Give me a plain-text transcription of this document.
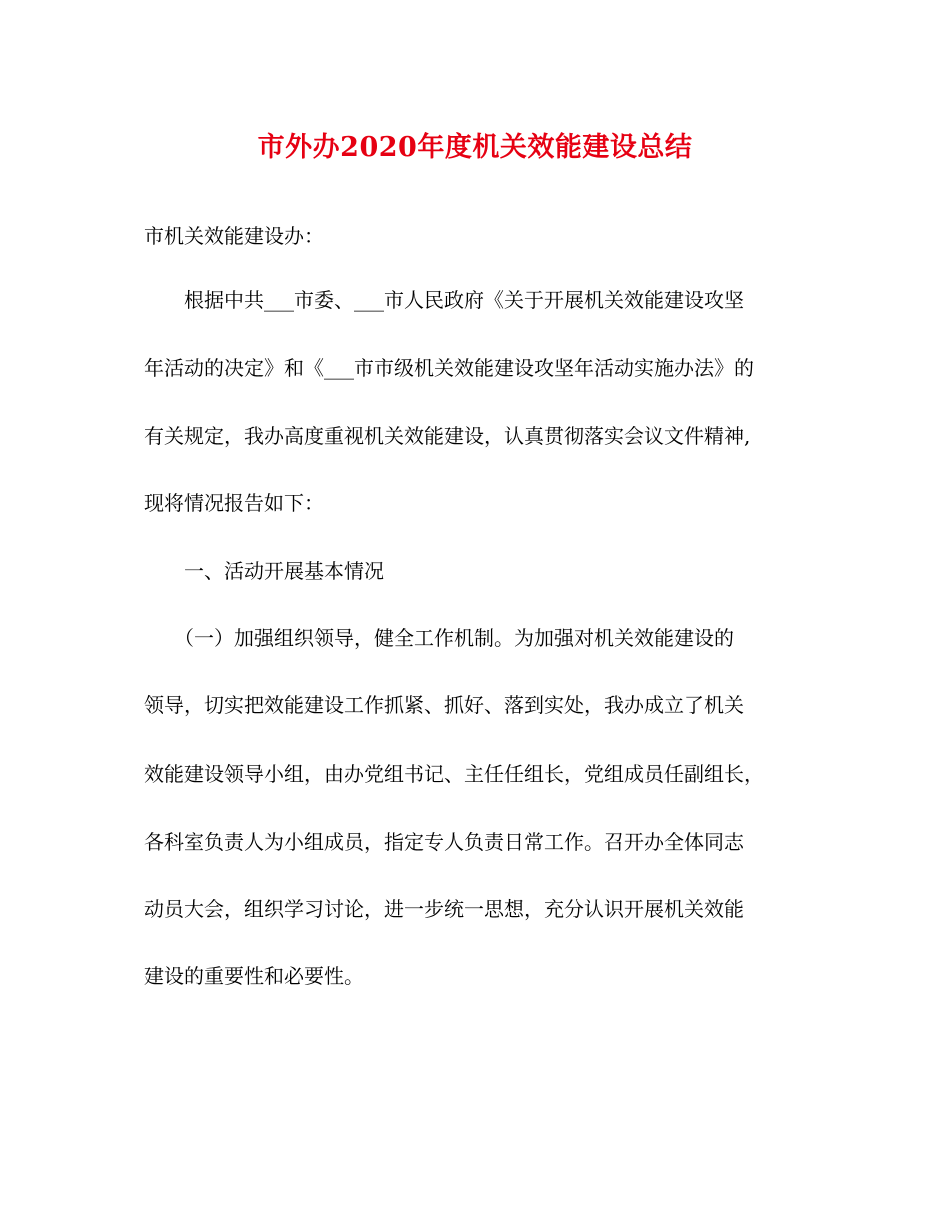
市外办2020年度机关效能建设总结
市机关效能建设办：
　　根据中共___市委、___市人民政府《关于开展机关效能建设攻坚
年活动的决定》和《___市市级机关效能建设攻坚年活动实施办法》的
有关规定，我办高度重视机关效能建设，认真贯彻落实会议文件精神,
现将情况报告如下：
　　一、活动开展基本情况
　　（一）加强组织领导，健全工作机制。为加强对机关效能建设的
领导，切实把效能建设工作抓紧、抓好、落到实处，我办成立了机关
效能建设领导小组，由办党组书记、主任任组长，党组成员任副组长，
各科室负责人为小组成员，指定专人负责日常工作。召开办全体同志
动员大会，组织学习讨论，进一步统一思想，充分认识开展机关效能
建设的重要性和必要性。
